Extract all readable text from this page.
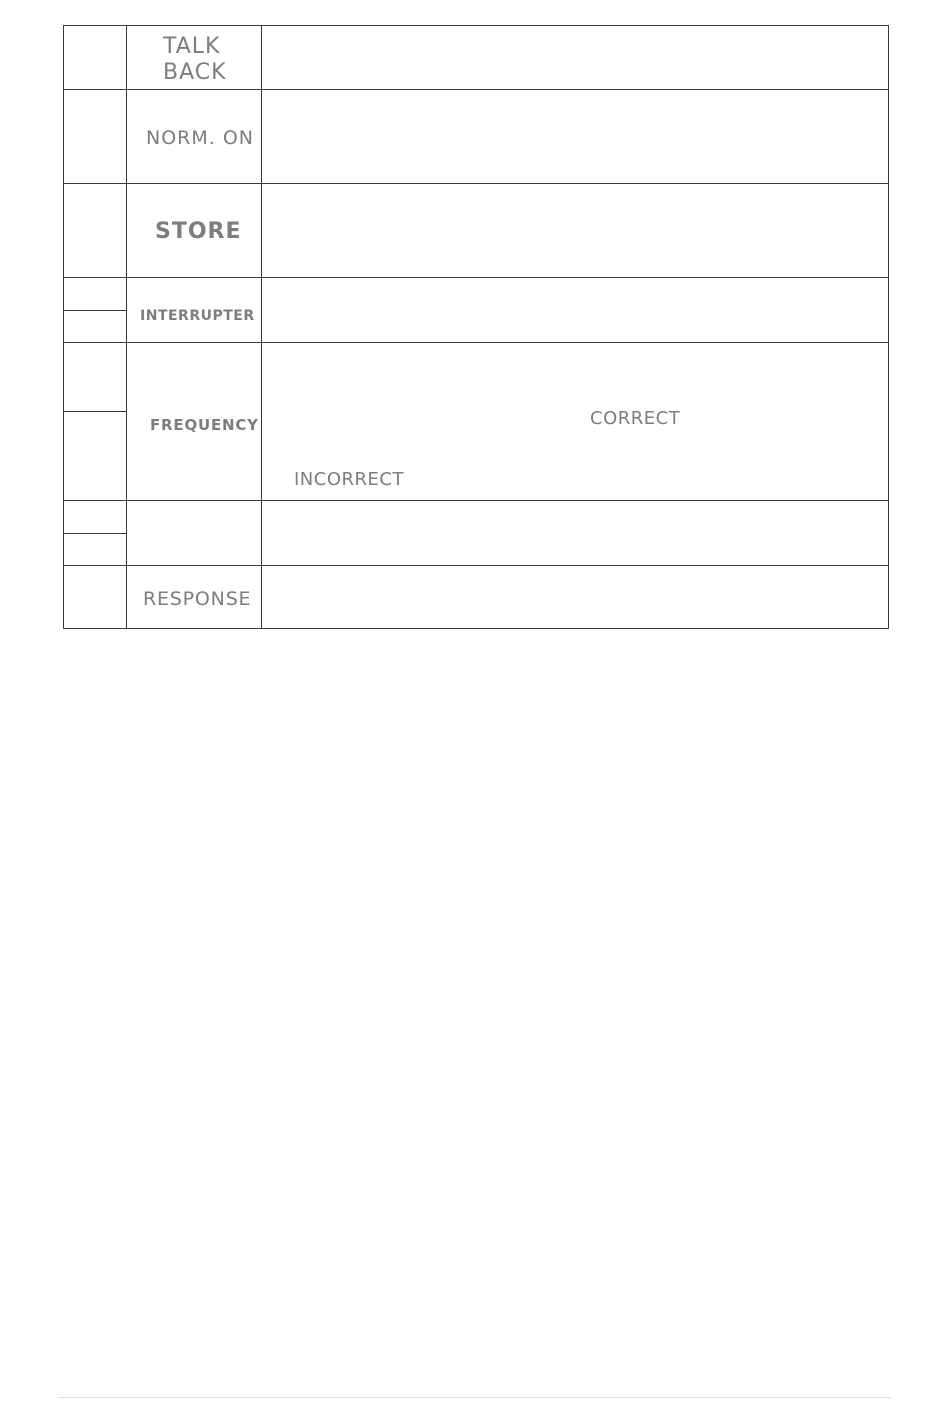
TALK
BACK
NORM. ON
STORE
INTERRUPTER
FREQUENCY	CORRECT
INCORRECT
RESPONSE
